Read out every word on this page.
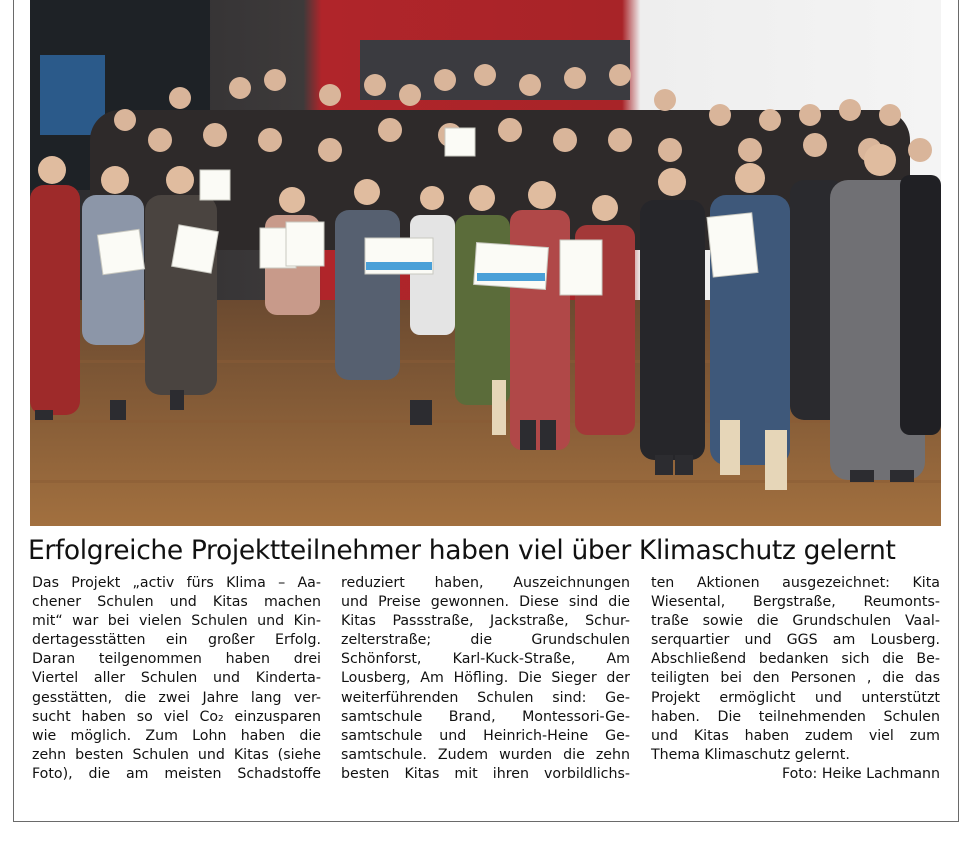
Erfolgreiche Projektteilnehmer haben viel über Klimaschutz gelernt
Das Projekt „activ fürs Klima – Aa-
chener Schulen und Kitas machen
mit“ war bei vielen Schulen und Kin-
dertagesstätten ein großer Erfolg.
Daran teilgenommen haben drei
Viertel aller Schulen und Kinderta-
gesstätten, die zwei Jahre lang ver-
sucht haben so viel Co₂ einzusparen
wie möglich. Zum Lohn haben die
zehn besten Schulen und Kitas (siehe
Foto), die am meisten Schadstoffe
reduziert haben, Auszeichnungen
und Preise gewonnen. Diese sind die
Kitas Passstraße, Jackstraße, Schur-
zelterstraße; die Grundschulen
Schönforst, Karl-Kuck-Straße, Am
Lousberg, Am Höfling. Die Sieger der
weiterführenden Schulen sind: Ge-
samtschule Brand, Montessori-Ge-
samtschule und Heinrich-Heine Ge-
samtschule. Zudem wurden die zehn
besten Kitas mit ihren vorbildlichs-
ten Aktionen ausgezeichnet: Kita
Wiesental, Bergstraße, Reumonts-
traße sowie die Grundschulen Vaal-
serquartier und GGS am Lousberg.
Abschließend bedanken sich die Be-
teiligten bei den Personen , die das
Projekt ermöglicht und unterstützt
haben. Die teilnehmenden Schulen
und Kitas haben zudem viel zum
Thema Klimaschutz gelernt.
Foto: Heike Lachmann
